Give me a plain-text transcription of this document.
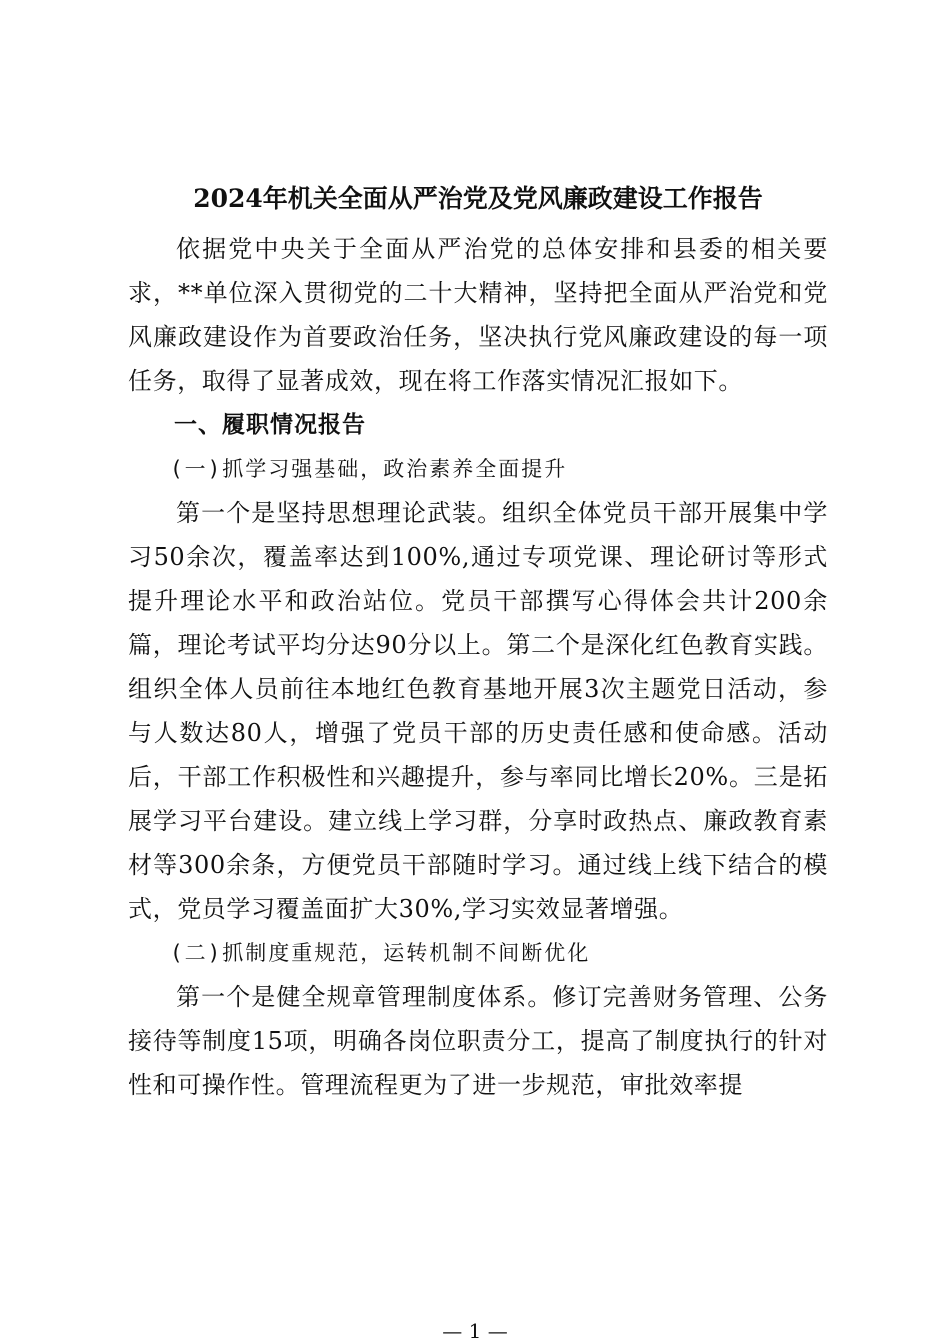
2024年机关全面从严治党及党风廉政建设工作报告

依据党中央关于全面从严治党的总体安排和县委的相关要求，**单位深入贯彻党的二十大精神，坚持把全面从严治党和党风廉政建设作为首要政治任务，坚决执行党风廉政建设的每一项任务，取得了显著成效，现在将工作落实情况汇报如下。

一、履职情况报告

(一)抓学习强基础，政治素养全面提升

第一个是坚持思想理论武装。组织全体党员干部开展集中学习50余次，覆盖率达到100%,通过专项党课、理论研讨等形式提升理论水平和政治站位。党员干部撰写心得体会共计200余篇，理论考试平均分达90分以上。第二个是深化红色教育实践。组织全体人员前往本地红色教育基地开展3次主题党日活动，参与人数达80人，增强了党员干部的历史责任感和使命感。活动后，干部工作积极性和兴趣提升，参与率同比增长20%。三是拓展学习平台建设。建立线上学习群，分享时政热点、廉政教育素材等300余条，方便党员干部随时学习。通过线上线下结合的模式，党员学习覆盖面扩大30%,学习实效显著增强。

(二)抓制度重规范，运转机制不间断优化

第一个是健全规章管理制度体系。修订完善财务管理、公务接待等制度15项，明确各岗位职责分工，提高了制度执行的针对性和可操作性。管理流程更为了进一步规范，审批效率提

— 1 —
